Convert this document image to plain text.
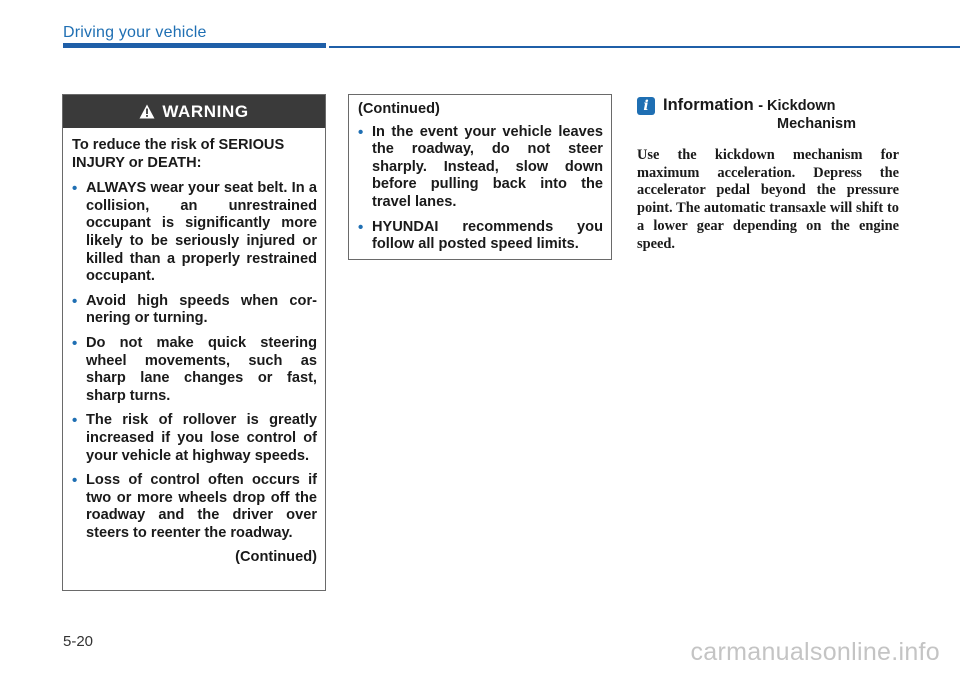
Driving your vehicle
WARNING

To reduce the risk of SERIOUS INJURY or DEATH:

• ALWAYS wear your seat belt. In a collision, an unrestrained occupant is significantly more likely to be seriously injured or killed than a properly restrained occupant.
• Avoid high speeds when cor-nering or turning.
• Do not make quick steering wheel movements, such as sharp lane changes or fast, sharp turns.
• The risk of rollover is greatly increased if you lose control of your vehicle at highway speeds.
• Loss of control often occurs if two or more wheels drop off the roadway and the driver over steers to reenter the roadway.
(Continued)
(Continued)
• In the event your vehicle leaves the roadway, do not steer sharply. Instead, slow down before pulling back into the travel lanes.
• HYUNDAI recommends you follow all posted speed limits.
i Information - Kickdown
Mechanism

Use the kickdown mechanism for maximum acceleration. Depress the accelerator pedal beyond the pressure point. The automatic transaxle will shift to a lower gear depending on the engine speed.

5-20	carmanualsonline.info
